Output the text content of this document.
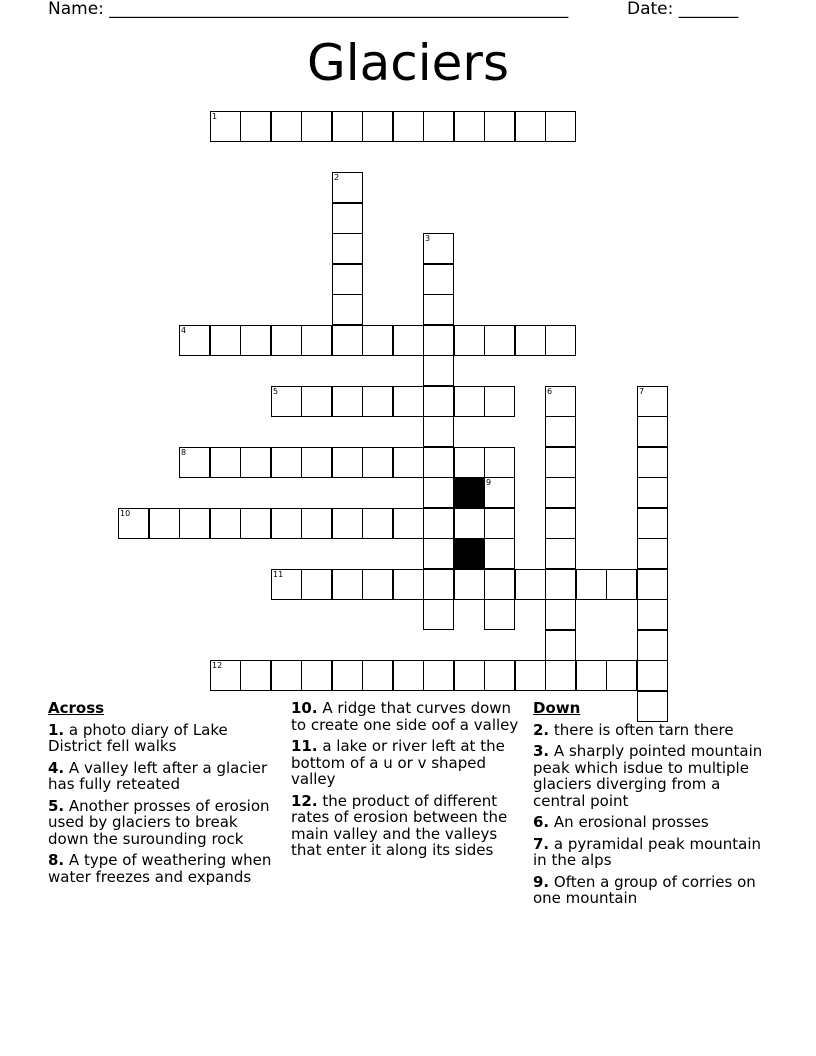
Name: ______________________________________________________	Date: _______
Glaciers
1
2
3
4
5	6	7
8
9
10
11
12
Across
1. a photo diary of Lake District fell walks
4. A valley left after a glacier has fully reteated
5. Another prosses of erosion used by glaciers to break down the surounding rock
8. A type of weathering when water freezes and expands
10. A ridge that curves down to create one side oof a valley
11. a lake or river left at the bottom of a u or v shaped valley
12. the product of different rates of erosion between the main valley and the valleys that enter it along its sides
Down
2. there is often tarn there
3. A sharply pointed mountain peak which isdue to multiple glaciers diverging from a central point
6. An erosional prosses
7. a pyramidal peak mountain in the alps
9. Often a group of corries on one mountain
